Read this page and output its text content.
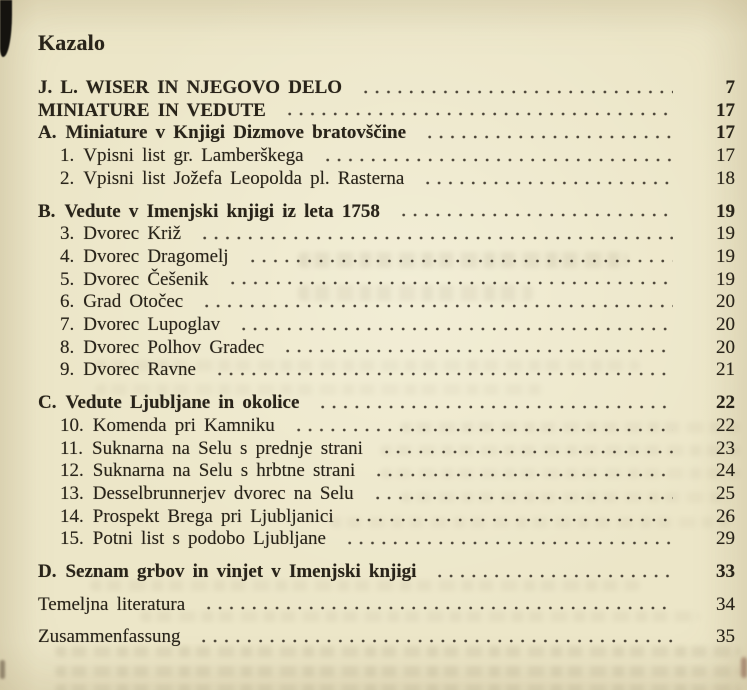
Kazalo
J. L. WISER IN NJEGOVO DELO	7
MINIATURE IN VEDUTE	17
A. Miniature v Knjigi Dizmove bratovščine	17
1. Vpisni list gr. Lamberškega	17
2. Vpisni list Jožefa Leopolda pl. Rasterna	18
B. Vedute v Imenjski knjigi iz leta 1758	19
3. Dvorec Križ	19
4. Dvorec Dragomelj	19
5. Dvorec Češenik	19
6. Grad Otočec	20
7. Dvorec Lupoglav	20
8. Dvorec Polhov Gradec	20
9. Dvorec Ravne	21
C. Vedute Ljubljane in okolice	22
10. Komenda pri Kamniku	22
11. Suknarna na Selu s prednje strani	23
12. Suknarna na Selu s hrbtne strani	24
13. Desselbrunnerjev dvorec na Selu	25
14. Prospekt Brega pri Ljubljanici	26
15. Potni list s podobo Ljubljane	29
D. Seznam grbov in vinjet v Imenjski knjigi	33
Temeljna literatura	34
Zusammenfassung	35
